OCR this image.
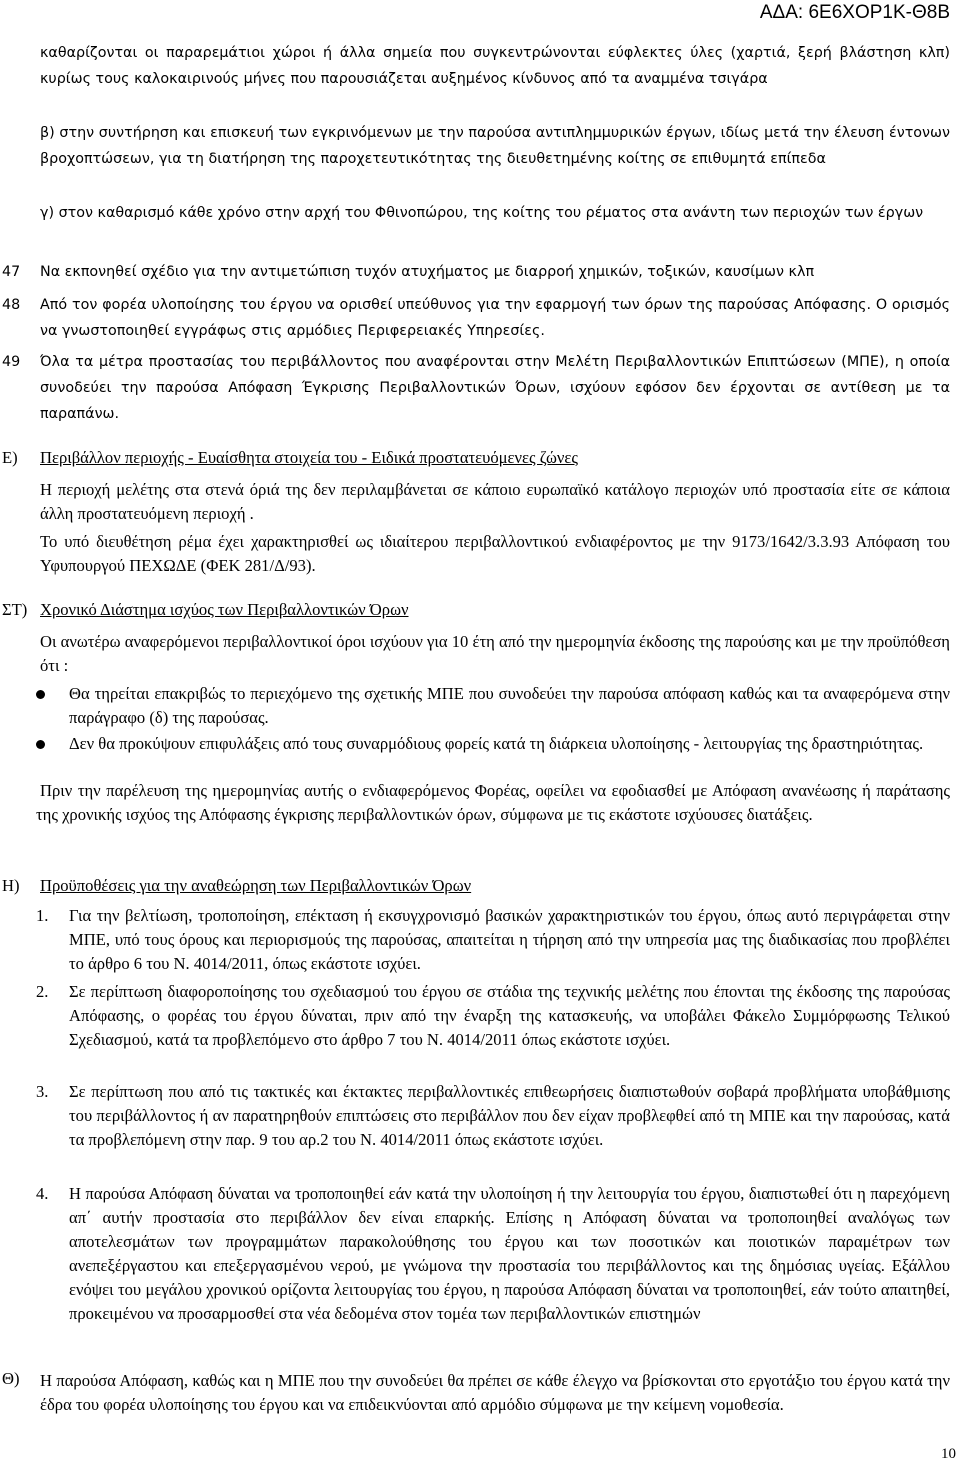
ΑΔΑ: 6Ε6ΧΟΡ1Κ-Θ8Β

καθαρίζονται οι παραρεμάτιοι χώροι ή άλλα σημεία που συγκεντρώνονται εύφλεκτες ύλες (χαρτιά, ξερή βλάστηση κλπ) κυρίως τους καλοκαιρινούς μήνες που παρουσιάζεται αυξημένος κίνδυνος από τα αναμμένα τσιγάρα

β) στην συντήρηση και επισκευή των εγκρινόμενων με την παρούσα αντιπλημμυρικών έργων, ιδίως μετά την έλευση έντονων βροχοπτώσεων, για τη διατήρηση της παροχετευτικότητας της διευθετημένης κοίτης σε επιθυμητά επίπεδα

γ) στον καθαρισμό κάθε χρόνο στην αρχή του Φθινοπώρου, της κοίτης του ρέματος στα ανάντη των περιοχών των έργων

47 Να εκπονηθεί σχέδιο για την αντιμετώπιση τυχόν ατυχήματος με διαρροή χημικών, τοξικών, καυσίμων κλπ

48 Από τον φορέα υλοποίησης του έργου να ορισθεί υπεύθυνος για την εφαρμογή των όρων της παρούσας Απόφασης. Ο ορισμός να γνωστοποιηθεί εγγράφως στις αρμόδιες Περιφερειακές Υπηρεσίες.

49 Όλα τα μέτρα προστασίας του περιβάλλοντος που αναφέρονται στην Μελέτη Περιβαλλοντικών Επιπτώσεων (ΜΠΕ), η οποία συνοδεύει την παρούσα Απόφαση Έγκρισης Περιβαλλοντικών Όρων, ισχύουν εφόσον δεν έρχονται σε αντίθεση με τα παραπάνω.

Ε) Περιβάλλον περιοχής - Ευαίσθητα στοιχεία του - Ειδικά προστατευόμενες ζώνες

Η περιοχή μελέτης στα στενά όριά της δεν περιλαμβάνεται σε κάποιο ευρωπαϊκό κατάλογο περιοχών υπό προστασία είτε σε κάποια άλλη προστατευόμενη περιοχή .

Το υπό διευθέτηση ρέμα έχει χαρακτηρισθεί ως ιδιαίτερου περιβαλλοντικού ενδιαφέροντος με την 9173/1642/3.3.93 Απόφαση του Υφυπουργού ΠΕΧΩΔΕ (ΦΕΚ 281/Δ/93).

ΣΤ) Χρονικό Διάστημα ισχύος των Περιβαλλοντικών Όρων

Οι ανωτέρω αναφερόμενοι περιβαλλοντικοί όροι ισχύουν για 10 έτη από την ημερομηνία έκδοσης της παρούσης και με την προϋπόθεση ότι :

Θα τηρείται επακριβώς το περιεχόμενο της σχετικής ΜΠΕ που συνοδεύει την παρούσα απόφαση καθώς και τα αναφερόμενα στην παράγραφο (δ) της παρούσας.

Δεν θα προκύψουν επιφυλάξεις από τους συναρμόδιους φορείς κατά τη διάρκεια υλοποίησης - λειτουργίας της δραστηριότητας.

Πριν την παρέλευση της ημερομηνίας αυτής ο ενδιαφερόμενος Φορέας, οφείλει να εφοδιασθεί με Απόφαση ανανέωσης ή παράτασης της χρονικής ισχύος της Απόφασης έγκρισης περιβαλλοντικών όρων, σύμφωνα με τις εκάστοτε ισχύουσες διατάξεις.

Η) Προϋποθέσεις για την αναθεώρηση των Περιβαλλοντικών Όρων
1. Για την βελτίωση, τροποποίηση, επέκταση ή εκσυγχρονισμό βασικών χαρακτηριστικών του έργου, όπως αυτό περιγράφεται στην ΜΠΕ, υπό τους όρους και περιορισμούς της παρούσας, απαιτείται η τήρηση από την υπηρεσία μας της διαδικασίας που προβλέπει το άρθρο 6 του Ν. 4014/2011, όπως εκάστοτε ισχύει.

2. Σε περίπτωση διαφοροποίησης του σχεδιασμού του έργου σε στάδια της τεχνικής μελέτης που έπονται της έκδοσης της παρούσας Απόφασης, ο φορέας του έργου δύναται, πριν από την έναρξη της κατασκευής, να υποβάλει Φάκελο Συμμόρφωσης Τελικού Σχεδιασμού, κατά τα προβλεπόμενο στο άρθρο 7 του Ν. 4014/2011 όπως εκάστοτε ισχύει.

3. Σε περίπτωση που από τις τακτικές και έκτακτες περιβαλλοντικές επιθεωρήσεις διαπιστωθούν σοβαρά προβλήματα υποβάθμισης του περιβάλλοντος ή αν παρατηρηθούν επιπτώσεις στο περιβάλλον που δεν είχαν προβλεφθεί από τη ΜΠΕ και την παρούσας, κατά τα προβλεπόμενη στην παρ. 9 του αρ.2 του Ν. 4014/2011 όπως εκάστοτε ισχύει.

4. Η παρούσα Απόφαση δύναται να τροποποιηθεί εάν κατά την υλοποίηση ή την λειτουργία του έργου, διαπιστωθεί ότι η παρεχόμενη απ΄ αυτήν προστασία στο περιβάλλον δεν είναι επαρκής. Επίσης η Απόφαση δύναται να τροποποιηθεί αναλόγως των αποτελεσμάτων των προγραμμάτων παρακολούθησης του έργου και των ποσοτικών και ποιοτικών παραμέτρων των ανεπεξέργαστου και επεξεργασμένου νερού, με γνώμονα την προστασία του περιβάλλοντος και της δημόσιας υγείας. Εξάλλου ενόψει του μεγάλου χρονικού ορίζοντα λειτουργίας του έργου, η παρούσα Απόφαση δύναται να τροποποιηθεί, εάν τούτο απαιτηθεί, προκειμένου να προσαρμοσθεί στα νέα δεδομένα στον τομέα των περιβαλλοντικών επιστημών

Θ) Η παρούσα Απόφαση, καθώς και η ΜΠΕ που την συνοδεύει θα πρέπει σε κάθε έλεγχο να βρίσκονται στο εργοτάξιο του έργου κατά την έδρα του φορέα υλοποίησης του έργου και να επιδεικνύονται από αρμόδιο σύμφωνα με την κείμενη νομοθεσία.

10
